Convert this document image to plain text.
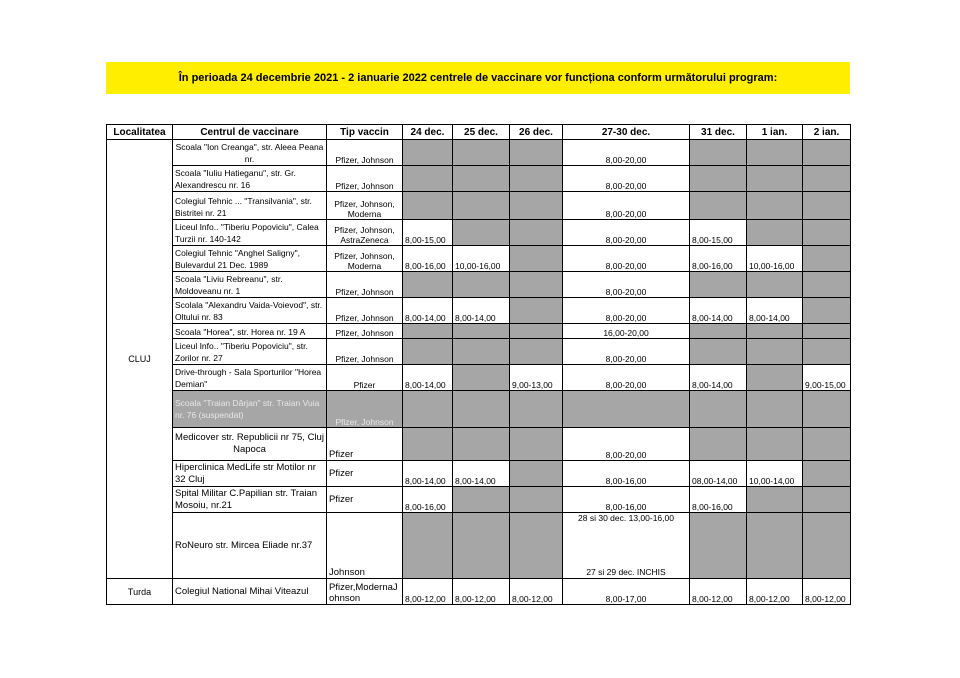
În perioada 24 decembrie 2021 - 2 ianuarie 2022 centrele de vaccinare vor funcționa conform următorului program:
Localitatea	Centrul de vaccinare	Tip vaccin	24 dec.	25 dec.	26 dec.	27-30 dec.	31 dec.	1 ian.	2 ian.
CLUJ	Scoala "Ion Creanga", str. Aleea Peana nr.	Pfizer, Johnson				8,00-20,00			
	Scoala "Iuliu Hatieganu", str. Gr. Alexandrescu nr. 16	Pfizer, Johnson				8,00-20,00			
	Colegiul Tehnic ... "Transilvania", str. Bistritei nr. 21	Pfizer, Johnson, Moderna				8,00-20,00			
	Liceul Info.. "Tiberiu Popoviciu", Calea Turzii nr. 140-142	Pfizer, Johnson, AstraZeneca	8,00-15,00			8,00-20,00	8,00-15,00		
	Colegiul Tehnic "Anghel Saligny", Bulevardul 21 Dec. 1989	Pfizer, Johnson, Moderna	8,00-16,00	10,00-16,00		8,00-20,00	8,00-16,00	10,00-16,00	
	Scoala "Liviu Rebreanu", str. Moldoveanu nr. 1	Pfizer, Johnson				8,00-20,00			
	Scolala "Alexandru Vaida-Voievod", str. Oltului nr. 83	Pfizer, Johnson	8,00-14,00	8,00-14,00		8,00-20,00	8,00-14,00	8,00-14,00	
	Scoala "Horea", str. Horea nr. 19 A	Pfizer, Johnson				16,00-20,00			
	Liceul Info.. "Tiberiu Popoviciu", str. Zorilor nr. 27	Pfizer, Johnson				8,00-20,00			
	Drive-through - Sala Sporturilor "Horea Demian"	Pfizer	8,00-14,00		9,00-13,00	8,00-20,00	8,00-14,00		9,00-15,00
	Scoala "Traian Dârjan" str. Traian Vuia nr. 76 (suspendat)	Pfizer, Johnson							
	Medicover str. Republicii nr 75, Cluj Napoca	Pfizer				8,00-20,00			
	Hiperclinica MedLife str Motilor nr 32 Cluj	Pfizer	8,00-14,00	8,00-14,00		8,00-16,00	08,00-14,00	10,00-14,00	
	Spital Militar C.Papilian str. Traian Mosoiu, nr.21	Pfizer	8,00-16,00			8,00-16,00	8,00-16,00		
	RoNeuro str. Mircea Eliade nr.37	Johnson				28 si 30 dec. 13,00-16,00
27 si 29 dec. INCHIS			

Turda	Colegiul National Mihai Viteazul	Pfizer,ModernaJ ohnson	8,00-12,00	8,00-12,00	8,00-12,00	8,00-17,00	8,00-12,00	8,00-12,00	8,00-12,00
